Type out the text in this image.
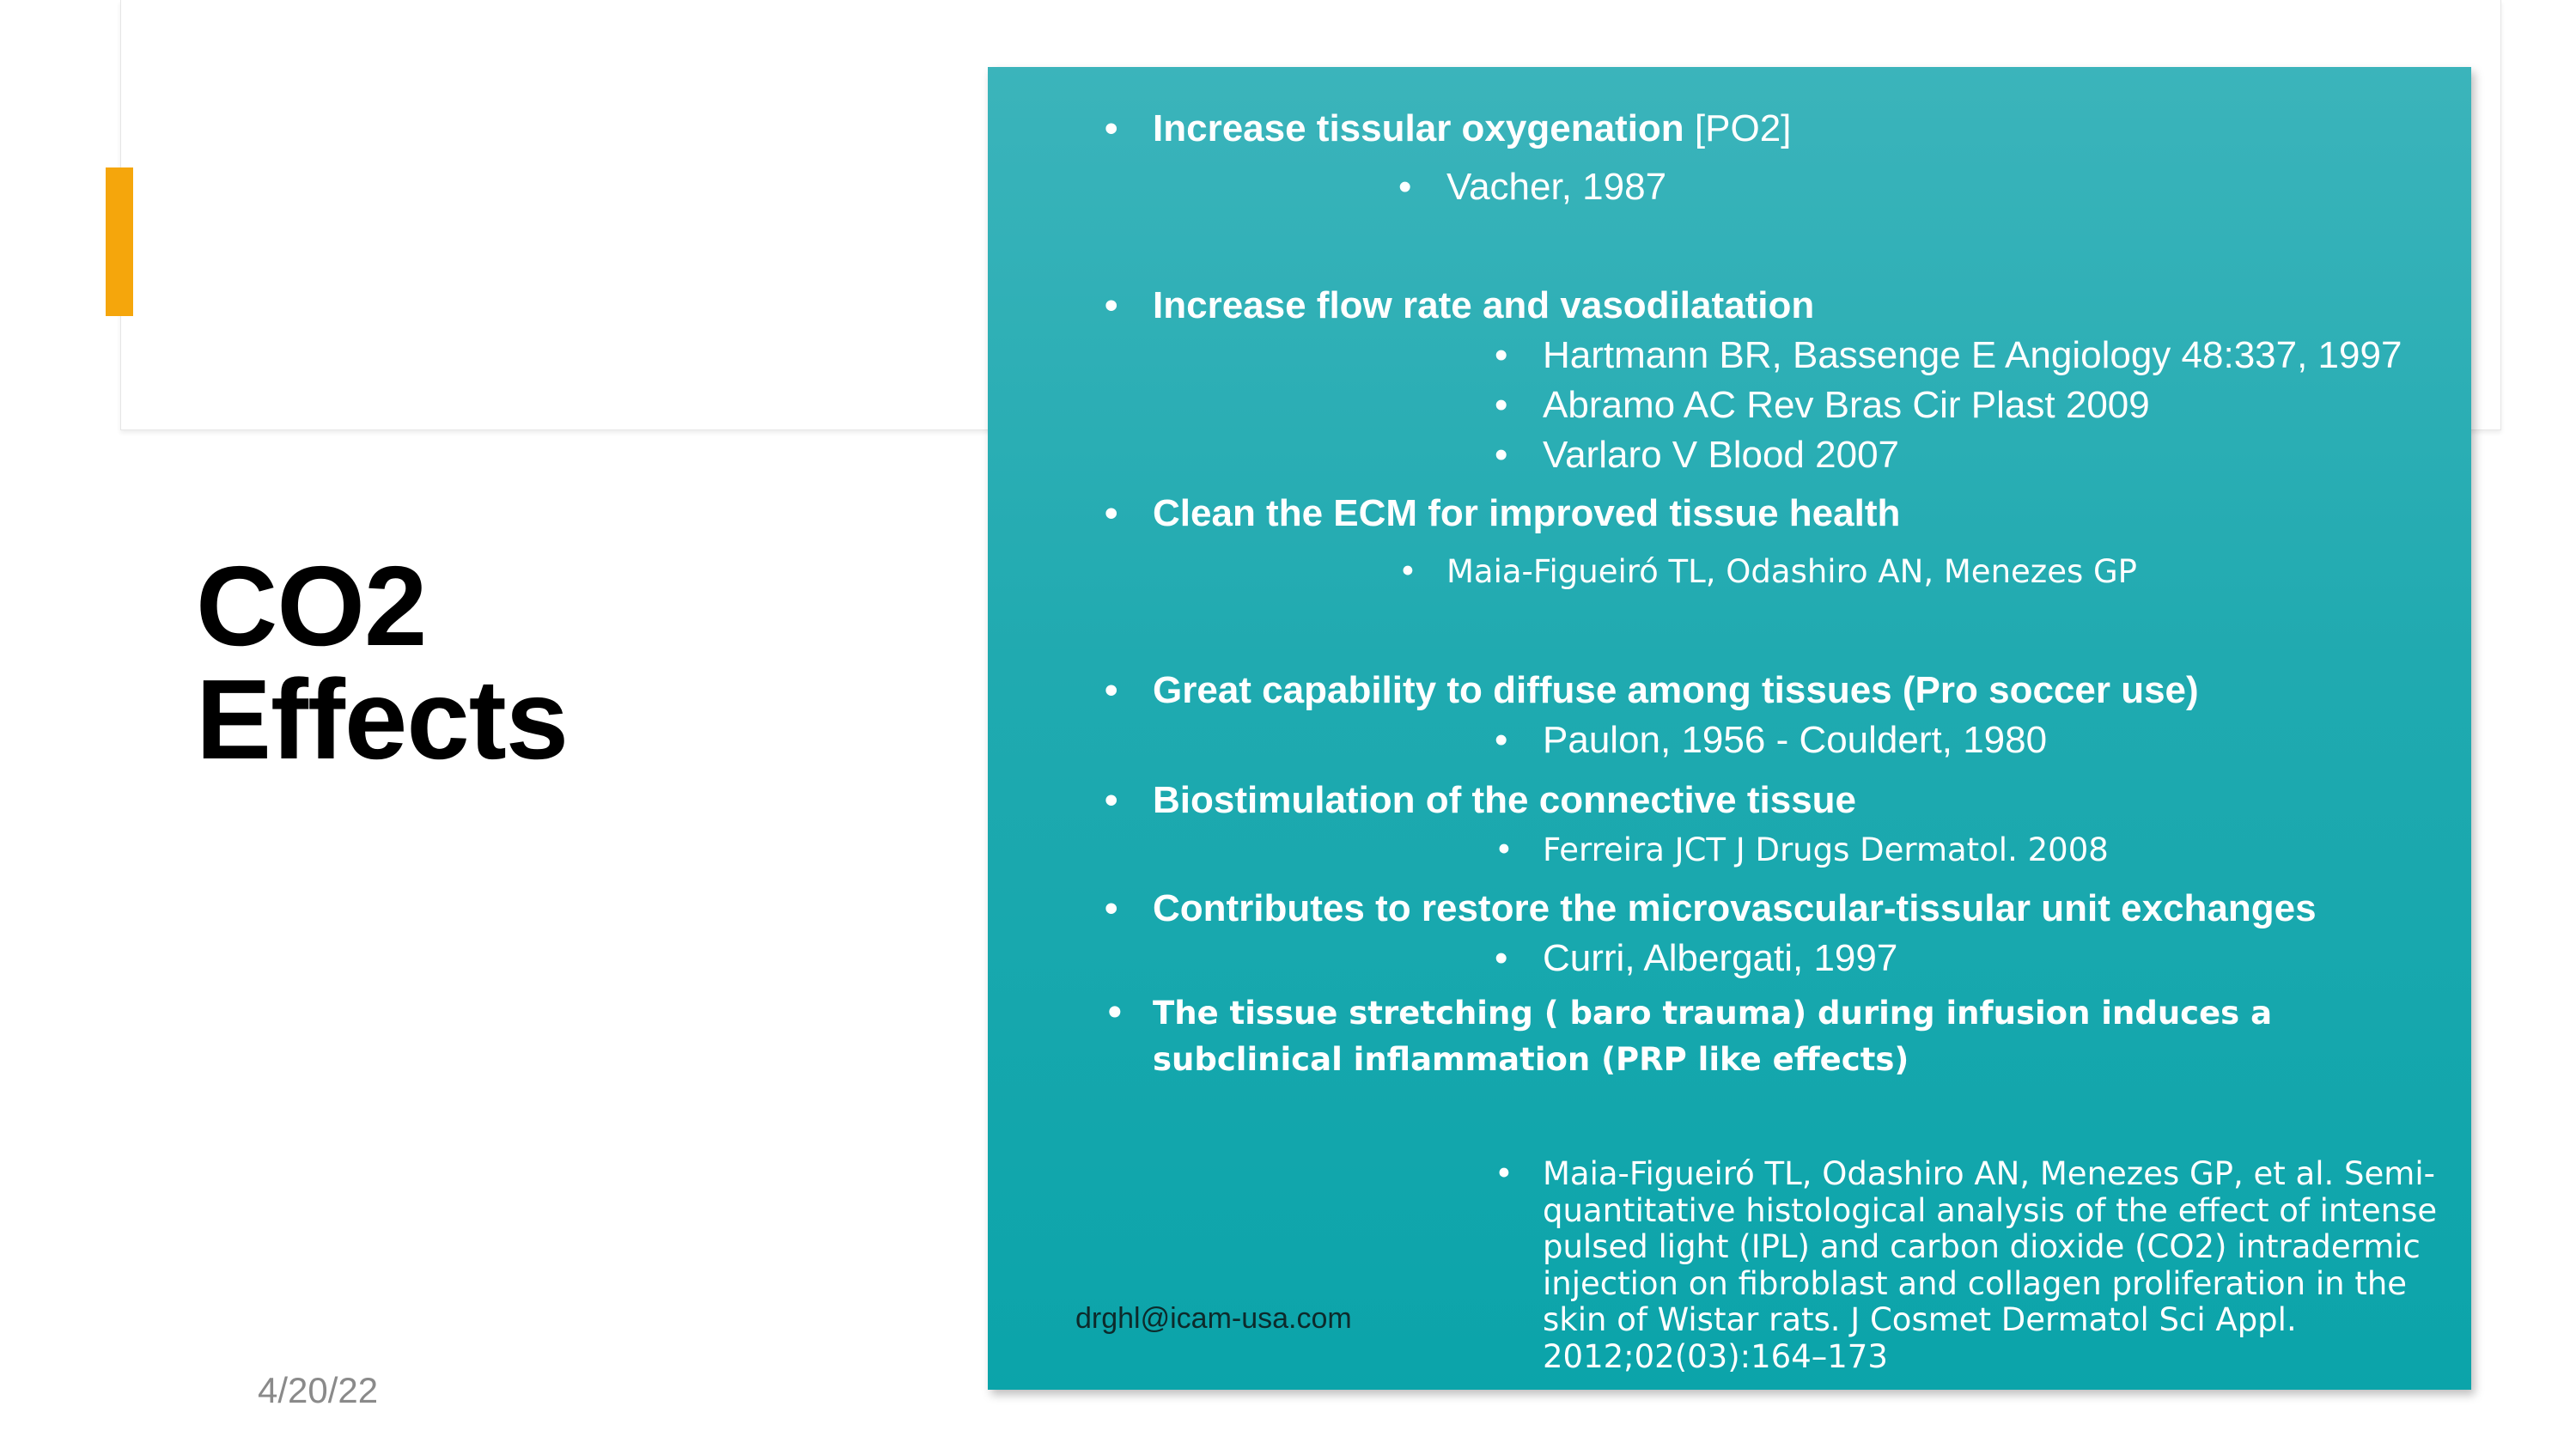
CO2
Effects
4/20/22
• Increase tissular oxygenation [PO2]
• Vacher, 1987
• Increase flow rate and vasodilatation
• Hartmann BR, Bassenge E Angiology 48:337, 1997
• Abramo AC Rev Bras Cir Plast 2009
• Varlaro V Blood 2007
• Clean the ECM for improved tissue health
• Maia-Figueiró TL, Odashiro AN, Menezes GP
• Great capability to diffuse among tissues (Pro soccer use)
• Paulon, 1956 - Couldert, 1980
• Biostimulation of the connective tissue
• Ferreira JCT J Drugs Dermatol. 2008
• Contributes to restore the microvascular-tissular unit exchanges
• Curri, Albergati, 1997
• The tissue stretching ( baro trauma) during infusion induces a subclinical inflammation (PRP like effects)
• Maia-Figueiró TL, Odashiro AN, Menezes GP, et al. Semi-quantitative histological analysis of the effect of intense pulsed light (IPL) and carbon dioxide (CO2) intradermic injection on fibroblast and collagen proliferation in the skin of Wistar rats. J Cosmet Dermatol Sci Appl. 2012;02(03):164–173
drghl@icam-usa.com
